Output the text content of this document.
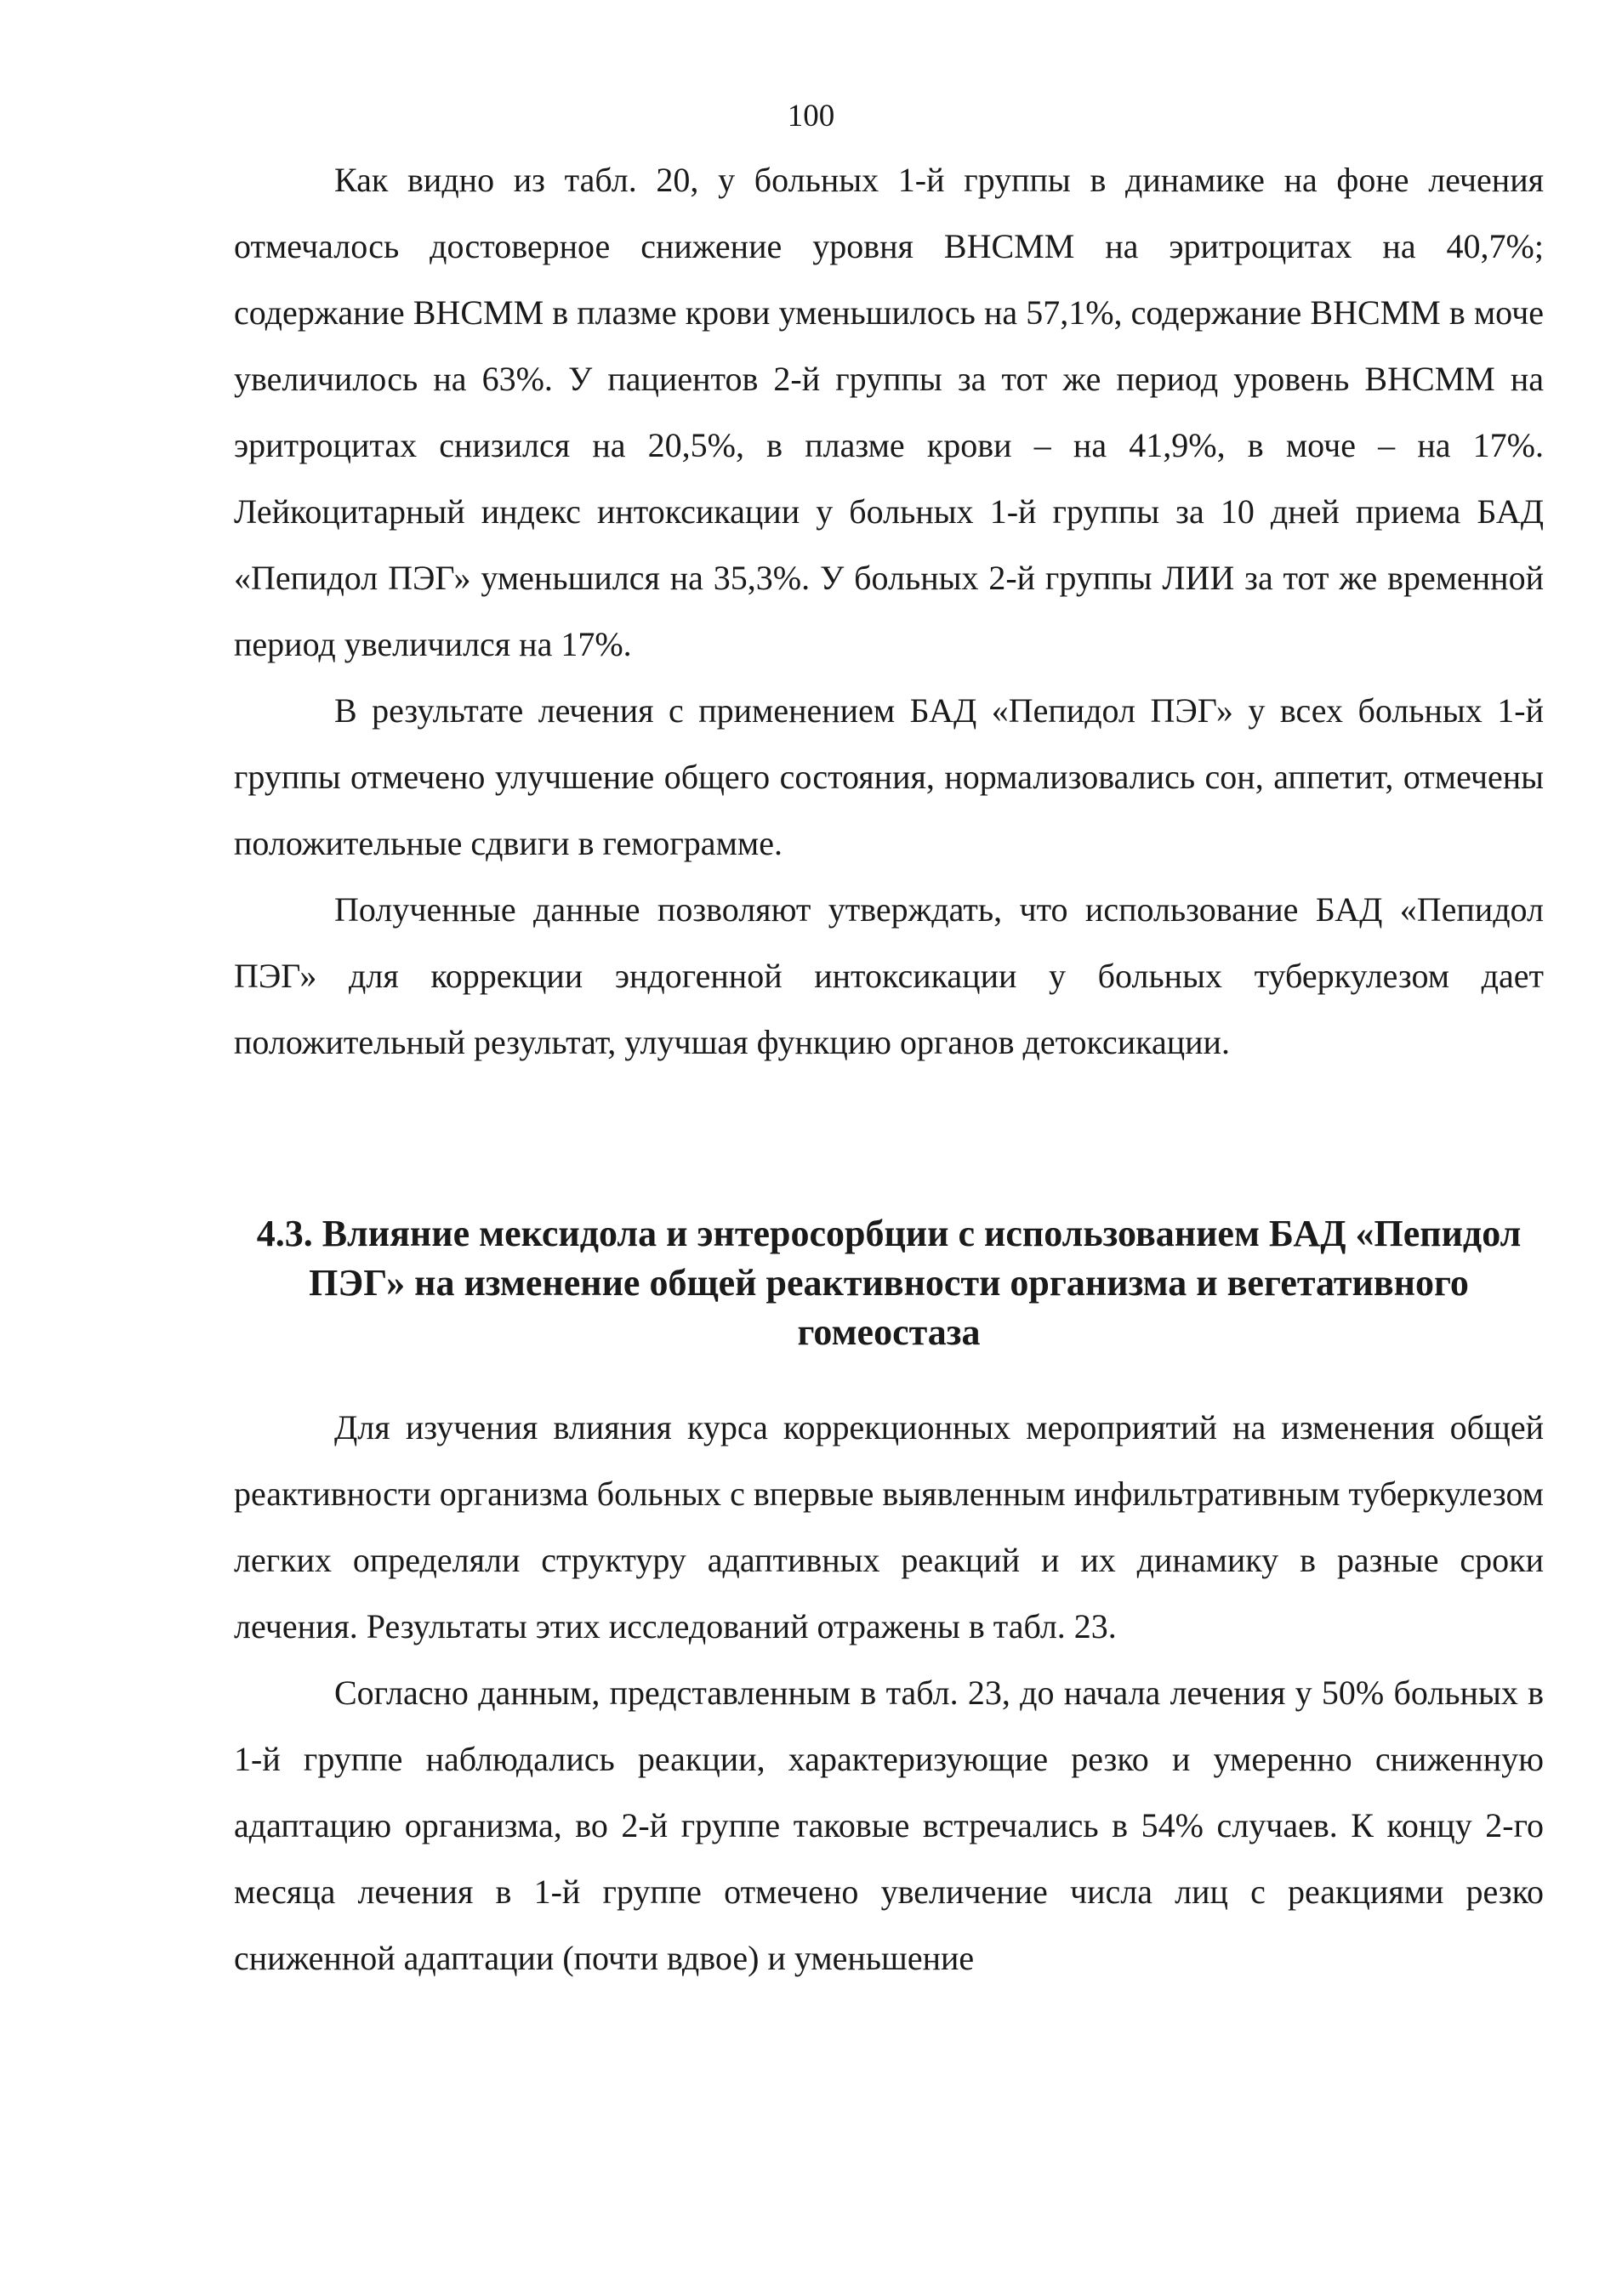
100

Как видно из табл. 20, у больных 1-й группы в динамике на фоне лечения отмечалось достоверное снижение уровня ВНСММ на эритроцитах на 40,7%; содержание ВНСММ в плазме крови уменьшилось на 57,1%, содержание ВНСММ в моче увеличилось на 63%. У пациентов 2-й группы за тот же период уровень ВНСММ на эритроцитах снизился на 20,5%, в плазме крови – на 41,9%, в моче – на 17%. Лейкоцитарный индекс интоксикации у больных 1-й группы за 10 дней приема БАД «Пепидол ПЭГ» уменьшился на 35,3%. У больных 2-й группы ЛИИ за тот же временной период увеличился на 17%.

В результате лечения с применением БАД «Пепидол ПЭГ» у всех больных 1-й группы отмечено улучшение общего состояния, нормализовались сон, аппетит, отмечены положительные сдвиги в гемограмме.

Полученные данные позволяют утверждать, что использование БАД «Пепидол ПЭГ» для коррекции эндогенной интоксикации у больных туберкулезом дает положительный результат, улучшая функцию органов детоксикации.

4.3. Влияние мексидола и энтеросорбции с использованием БАД «Пепидол ПЭГ» на изменение общей реактивности организма и вегетативного гомеостаза

Для изучения влияния курса коррекционных мероприятий на изменения общей реактивности организма больных с впервые выявленным инфильтративным туберкулезом легких определяли структуру адаптивных реакций и их динамику в разные сроки лечения. Результаты этих исследований отражены в табл. 23.

Согласно данным, представленным в табл. 23, до начала лечения у 50% больных в 1-й группе наблюдались реакции, характеризующие резко и умеренно сниженную адаптацию организма, во 2-й группе таковые встречались в 54% случаев. К концу 2-го месяца лечения в 1-й группе отмечено увеличение числа лиц с реакциями резко сниженной адаптации (почти вдвое) и уменьшение
